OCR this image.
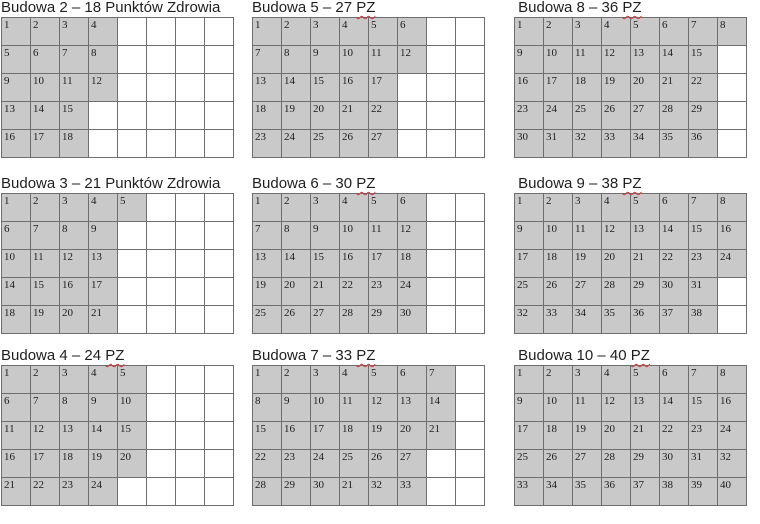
Budowa 2 – 18 Punktów Zdrowia
1	2	3	4				
5	6	7	8				
9	10	11	12				
13	14	15					
16	17	18					
Budowa 5 – 27 PZ
1	2	3	4	5	6		
7	8	9	10	11	12		
13	14	15	16	17			
18	19	20	21	22			
23	24	25	26	27			
Budowa 8 – 36 PZ
1	2	3	4	5	6	7	8
9	10	11	12	13	14	15	
16	17	18	19	20	21	22	
23	24	25	26	27	28	29	
30	31	32	33	34	35	36	
Budowa 3 – 21 Punktów Zdrowia
1	2	3	4	5			
6	7	8	9				
10	11	12	13				
14	15	16	17				
18	19	20	21				
Budowa 6 – 30 PZ
1	2	3	4	5	6		
7	8	9	10	11	12		
13	14	15	16	17	18		
19	20	21	22	23	24		
25	26	27	28	29	30		
Budowa 9 – 38 PZ
1	2	3	4	5	6	7	8
9	10	11	12	13	14	15	16
17	18	19	20	21	22	23	24
25	26	27	28	29	30	31	
32	33	34	35	36	37	38	
Budowa 4 – 24 PZ
1	2	3	4	5			
6	7	8	9	10			
11	12	13	14	15			
16	17	18	19	20			
21	22	23	24				
Budowa 7 – 33 PZ
1	2	3	4	5	6	7	
8	9	10	11	12	13	14	
15	16	17	18	19	20	21	
22	23	24	25	26	27		
28	29	30	21	32	33		
Budowa 10 – 40 PZ
1	2	3	4	5	6	7	8
9	10	11	12	13	14	15	16
17	18	19	20	21	22	23	24
25	26	27	28	29	30	31	32
33	34	35	36	37	38	39	40
